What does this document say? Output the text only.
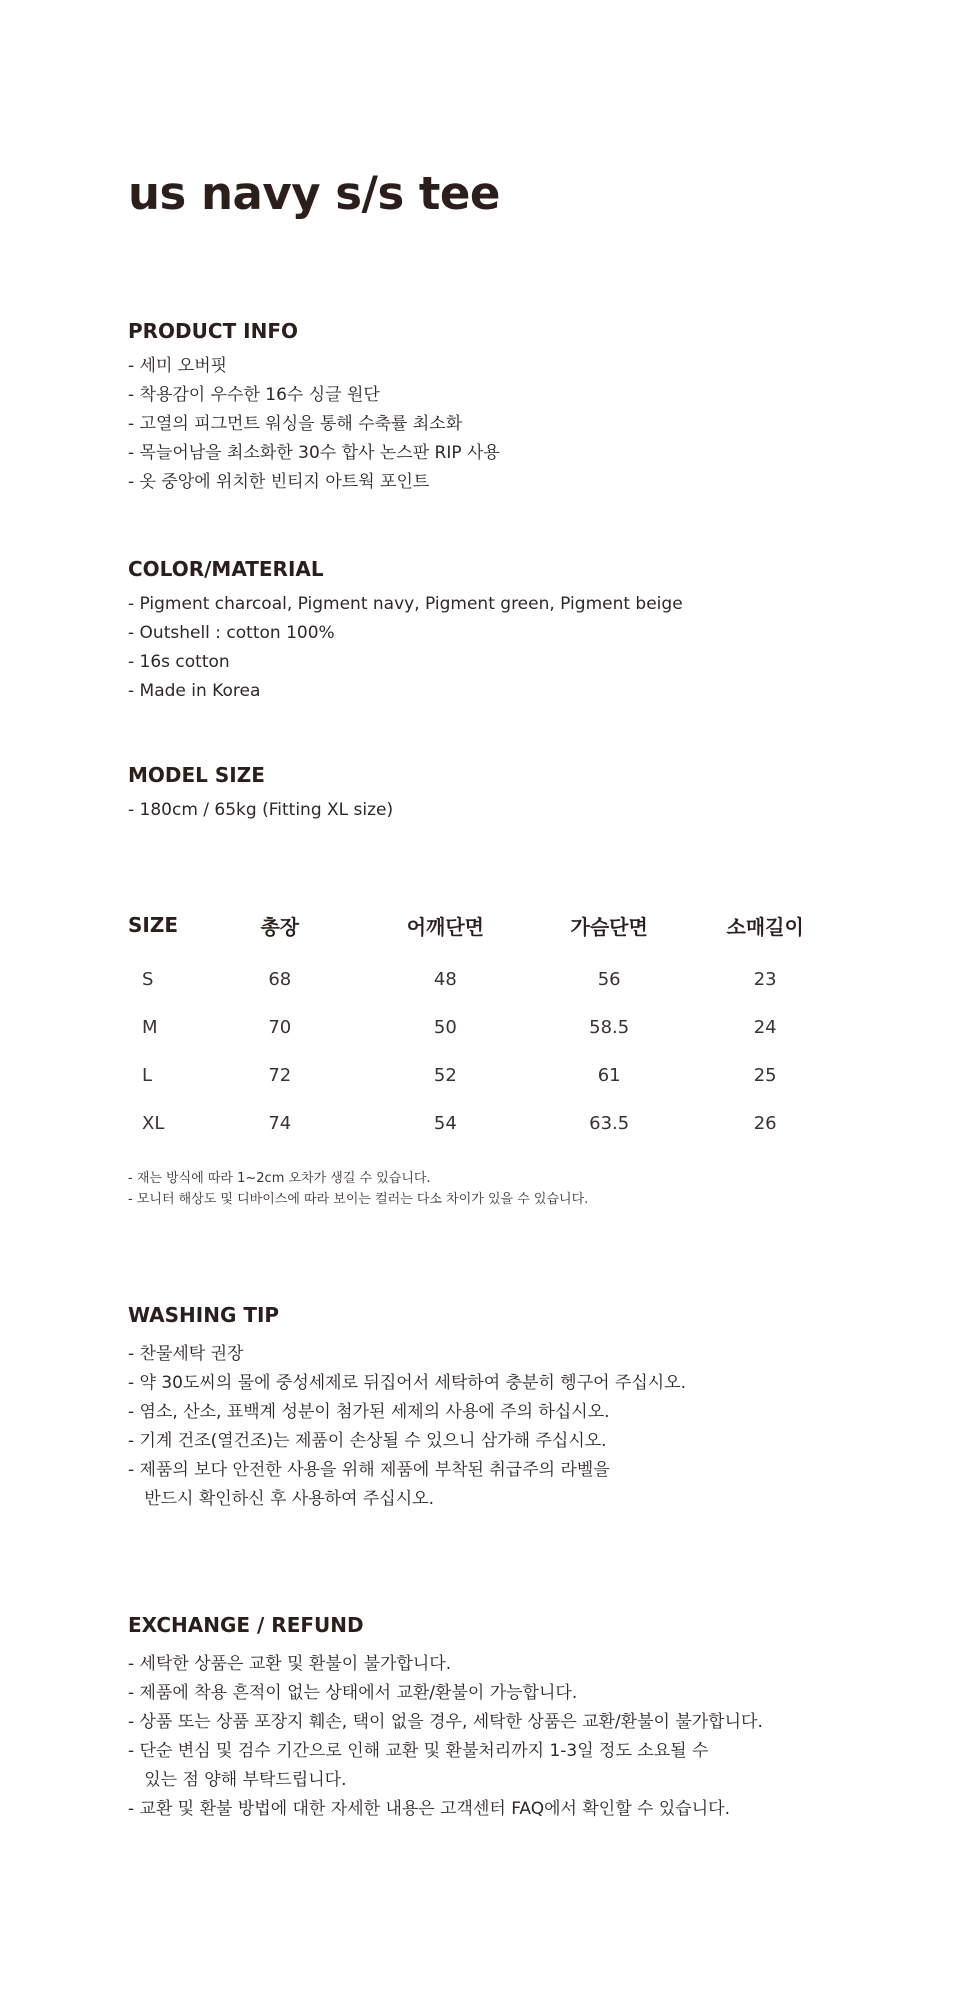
us navy s/s tee
PRODUCT INFO
- 세미 오버핏
- 착용감이 우수한 16수 싱글 원단
- 고열의 피그먼트 워싱을 통해 수축률 최소화
- 목늘어남을 최소화한 30수 합사 논스판 RIP 사용
- 옷 중앙에 위치한 빈티지 아트웍 포인트
COLOR/MATERIAL
- Pigment charcoal, Pigment navy, Pigment green, Pigment beige
- Outshell : cotton 100%
- 16s cotton
- Made in Korea
MODEL SIZE
- 180cm / 65kg (Fitting XL size)
SIZE	총장	어깨단면	가슴단면	소매길이
S	68	48	56	23
M	70	50	58.5	24
L	72	52	61	25
XL	74	54	63.5	26
- 재는 방식에 따라 1~2cm 오차가 생길 수 있습니다.
- 모니터 해상도 및 디바이스에 따라 보이는 컬러는 다소 차이가 있을 수 있습니다.
WASHING TIP
- 찬물세탁 권장
- 약 30도씨의 물에 중성세제로 뒤집어서 세탁하여 충분히 헹구어 주십시오.
- 염소, 산소, 표백계 성분이 첨가된 세제의 사용에 주의 하십시오.
- 기계 건조(열건조)는 제품이 손상될 수 있으니 삼가해 주십시오.
- 제품의 보다 안전한 사용을 위해 제품에 부착된 취급주의 라벨을
반드시 확인하신 후 사용하여 주십시오.
EXCHANGE / REFUND
- 세탁한 상품은 교환 및 환불이 불가합니다.
- 제품에 착용 흔적이 없는 상태에서 교환/환불이 가능합니다.
- 상품 또는 상품 포장지 훼손, 택이 없을 경우, 세탁한 상품은 교환/환불이 불가합니다.
- 단순 변심 및 검수 기간으로 인해 교환 및 환불처리까지 1-3일 정도 소요될 수
있는 점 양해 부탁드립니다.
- 교환 및 환불 방법에 대한 자세한 내용은 고객센터 FAQ에서 확인할 수 있습니다.
